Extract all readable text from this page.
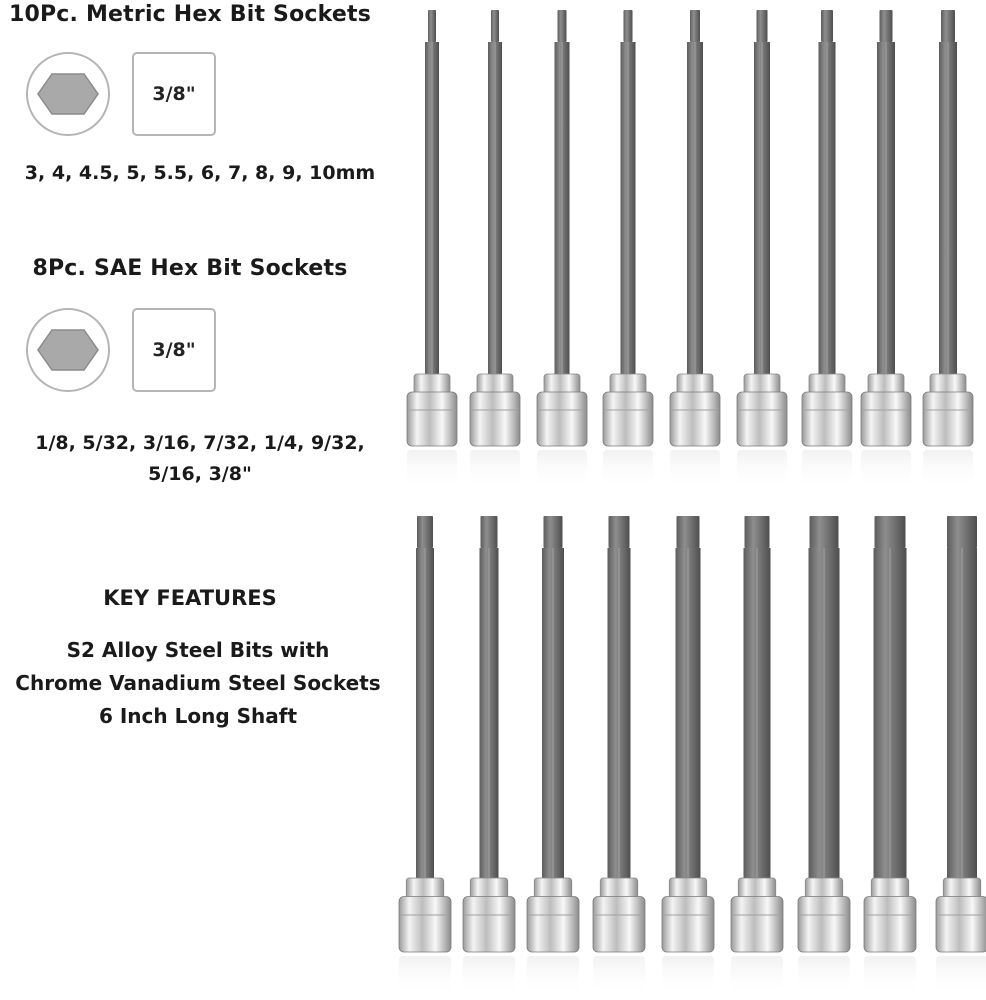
10Pc. Metric Hex Bit Sockets
3/8"
3, 4, 4.5, 5, 5.5, 6, 7, 8, 9, 10mm
8Pc. SAE Hex Bit Sockets
3/8"
1/8, 5/32, 3/16, 7/32, 1/4, 9/32,
5/16, 3/8"
KEY FEATURES
S2 Alloy Steel Bits with
Chrome Vanadium Steel Sockets
6 Inch Long Shaft
